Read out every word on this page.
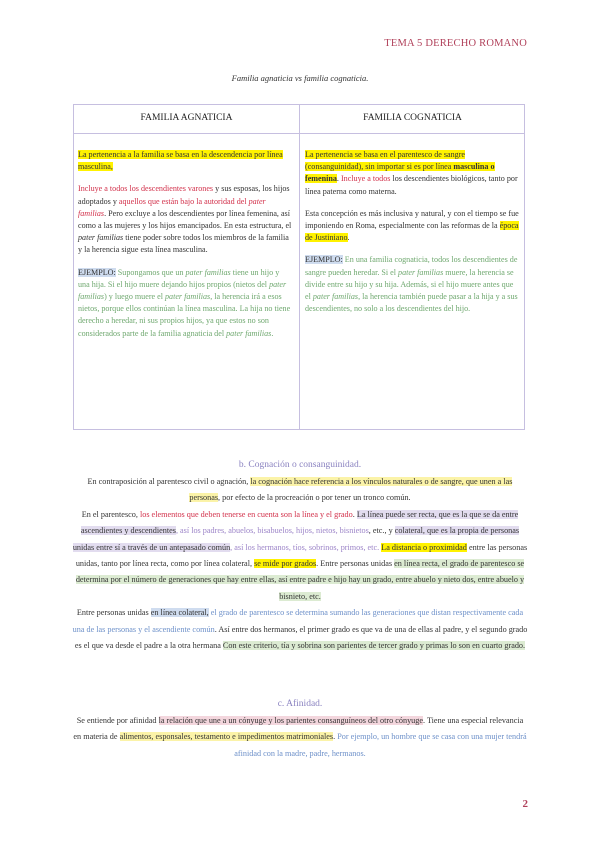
TEMA 5 DERECHO ROMANO
Familia agnaticia vs familia cognaticia.
FAMILIA AGNATICIA	FAMILIA COGNATICIA

La pertenencia a la familia se basa en la descendencia por línea masculina,

Incluye a todos los descendientes varones y sus esposas, los hijos adoptados y aquellos que están bajo la autoridad del pater familias. Pero excluye a los descendientes por línea femenina, así como a las mujeres y los hijos emancipados. En esta estructura, el pater familias tiene poder sobre todos los miembros de la familia y la herencia sigue esta línea masculina.

EJEMPLO: Supongamos que un pater familias tiene un hijo y una hija. Si el hijo muere dejando hijos propios (nietos del pater familias) y luego muere el pater familias, la herencia irá a esos nietos, porque ellos continúan la línea masculina. La hija no tiene derecho a heredar, ni sus propios hijos, ya que estos no son considerados parte de la familia agnaticia del pater familias.

La pertenencia se basa en el parentesco de sangre (consanguinidad), sin importar si es por línea masculina o femenina. Incluye a todos los descendientes biológicos, tanto por línea paterna como materna.

Esta concepción es más inclusiva y natural, y con el tiempo se fue imponiendo en Roma, especialmente con las reformas de la época de Justiniano.

EJEMPLO: En una familia cognaticia, todos los descendientes de sangre pueden heredar. Si el pater familias muere, la herencia se divide entre su hijo y su hija. Además, si el hijo muere antes que el pater familias, la herencia también puede pasar a la hija y a sus descendientes, no solo a los descendientes del hijo.

b. Cognación o consanguinidad.

En contraposición al parentesco civil o agnación, la cognación hace referencia a los vínculos naturales o de sangre, que unen a las personas, por efecto de la procreación o por tener un tronco común.

En el parentesco, los elementos que deben tenerse en cuenta son la línea y el grado. La línea puede ser recta, que es la que se da entre ascendientes y descendientes, así los padres, abuelos, bisabuelos, hijos, nietos, bisnietos, etc., y colateral, que es la propia de personas unidas entre sí a través de un antepasado común, así los hermanos, tíos, sobrinos, primos, etc. La distancia o proximidad entre las personas unidas, tanto por línea recta, como por línea colateral, se mide por grados. Entre personas unidas en línea recta, el grado de parentesco se determina por el número de generaciones que hay entre ellas, así entre padre e hijo hay un grado, entre abuelo y nieto dos, entre abuelo y bisnieto, etc.

Entre personas unidas en línea colateral, el grado de parentesco se determina sumando las generaciones que distan respectivamente cada una de las personas y el ascendiente común. Así entre dos hermanos, el primer grado es que va de una de ellas al padre, y el segundo grado es el que va desde el padre a la otra hermana Con este criterio, tía y sobrina son parientes de tercer grado y primas lo son en cuarto grado.

c. Afinidad.

Se entiende por afinidad la relación que une a un cónyuge y los parientes consanguíneos del otro cónyuge. Tiene una especial relevancia en materia de alimentos, esponsales, testamento e impedimentos matrimoniales. Por ejemplo, un hombre que se casa con una mujer tendrá afinidad con la madre, padre, hermanos.

2
